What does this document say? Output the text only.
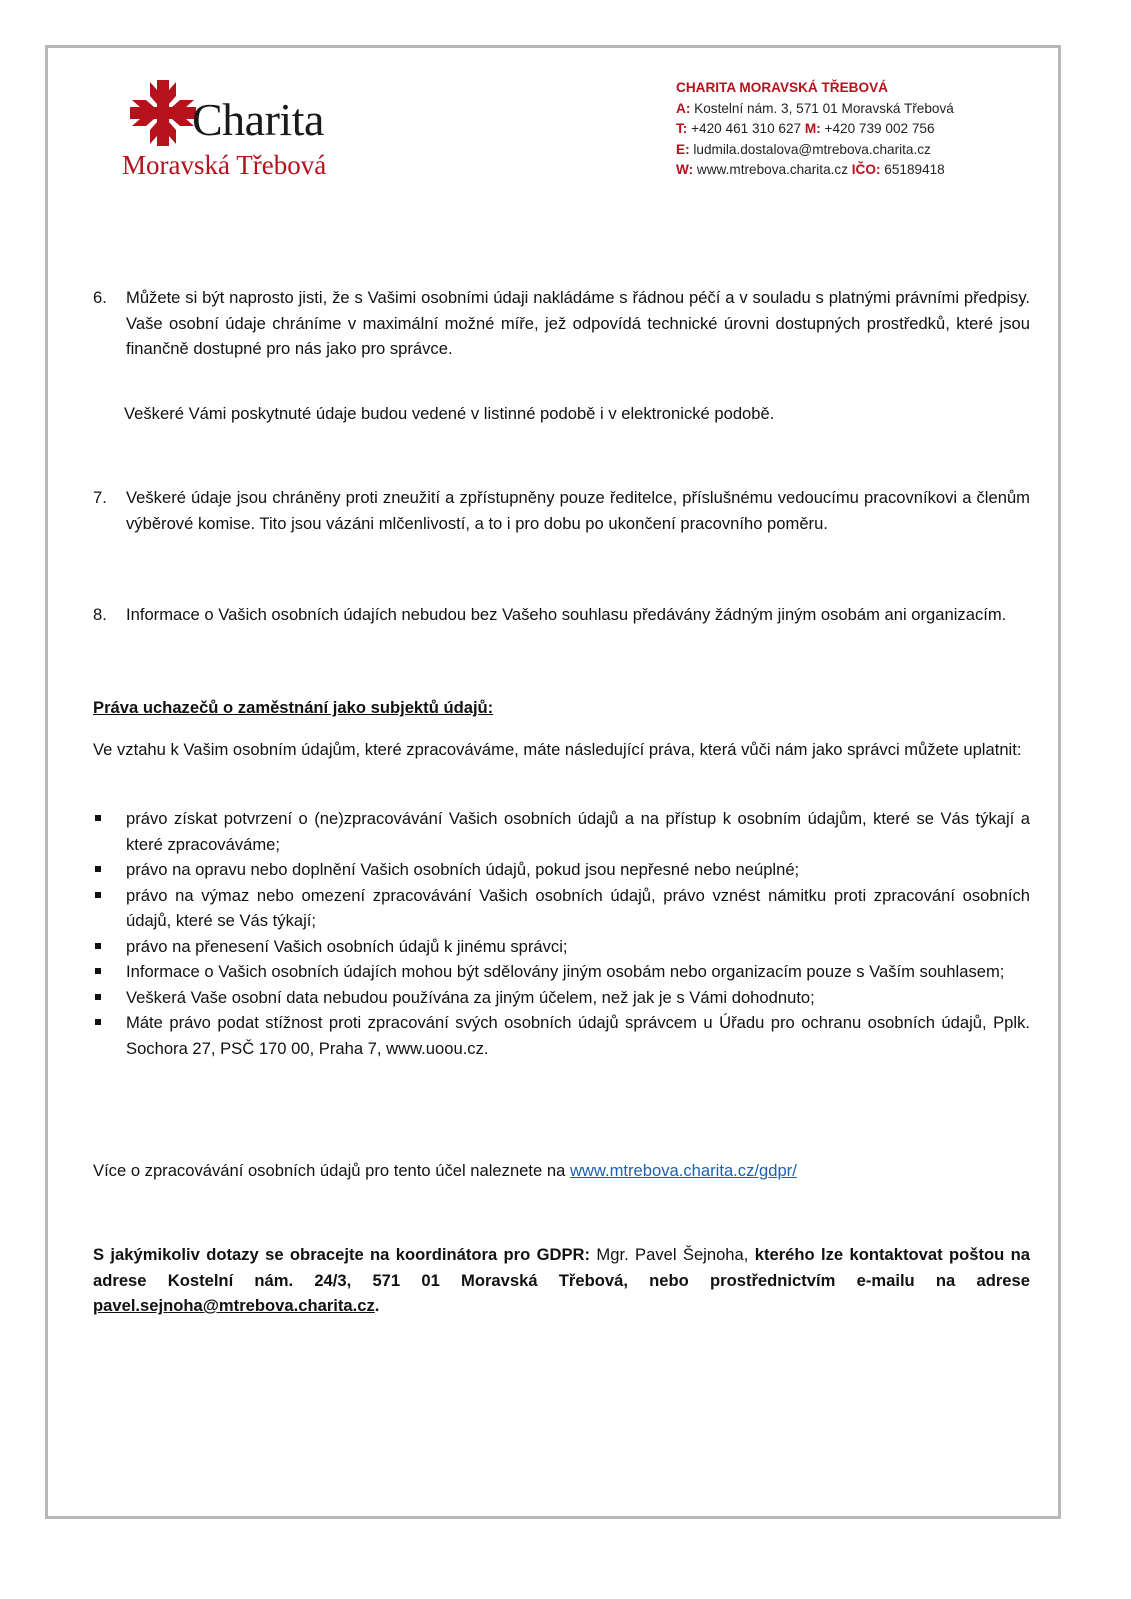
Charita
Moravská Třebová
CHARITA MORAVSKÁ TŘEBOVÁ
A: Kostelní nám. 3, 571 01 Moravská Třebová
T: +420 461 310 627 M: +420 739 002 756
E: ludmila.dostalova@mtrebova.charita.cz
W: www.mtrebova.charita.cz IČO: 65189418
6.	Můžete si být naprosto jisti, že s Vašimi osobními údaji nakládáme s řádnou péčí a v souladu s platnými právními předpisy. Vaše osobní údaje chráníme v maximální možné míře, jež odpovídá technické úrovni dostupných prostředků, které jsou finančně dostupné pro nás jako pro správce.
Veškeré Vámi poskytnuté údaje budou vedené v listinné podobě i v elektronické podobě.
7.	Veškeré údaje jsou chráněny proti zneužití a zpřístupněny pouze ředitelce, příslušnému vedoucímu pracovníkovi a členům výběrové komise. Tito jsou vázáni mlčenlivostí, a to i pro dobu po ukončení pracovního poměru.
8.	Informace o Vašich osobních údajích nebudou bez Vašeho souhlasu předávány žádným jiným osobám ani organizacím.
Práva uchazečů o zaměstnání jako subjektů údajů:
Ve vztahu k Vašim osobním údajům, které zpracováváme, máte následující práva, která vůči nám jako správci můžete uplatnit:
právo získat potvrzení o (ne)zpracovávání Vašich osobních údajů a na přístup k osobním údajům, které se Vás týkají a které zpracováváme;
právo na opravu nebo doplnění Vašich osobních údajů, pokud jsou nepřesné nebo neúplné;
právo na výmaz nebo omezení zpracovávání Vašich osobních údajů, právo vznést námitku proti zpracování osobních údajů, které se Vás týkají;
právo na přenesení Vašich osobních údajů k jinému správci;
Informace o Vašich osobních údajích mohou být sdělovány jiným osobám nebo organizacím pouze s Vaším souhlasem;
Veškerá Vaše osobní data nebudou používána za jiným účelem, než jak je s Vámi dohodnuto;
Máte právo podat stížnost proti zpracování svých osobních údajů správcem u Úřadu pro ochranu osobních údajů, Pplk. Sochora 27, PSČ 170 00, Praha 7, www.uoou.cz.
Více o zpracovávání osobních údajů pro tento účel naleznete na www.mtrebova.charita.cz/gdpr/
S jakýmikoliv dotazy se obracejte na koordinátora pro GDPR: Mgr. Pavel Šejnoha, kterého lze kontaktovat poštou na adrese Kostelní nám. 24/3, 571 01 Moravská Třebová, nebo prostřednictvím e-mailu na adrese pavel.sejnoha@mtrebova.charita.cz.
